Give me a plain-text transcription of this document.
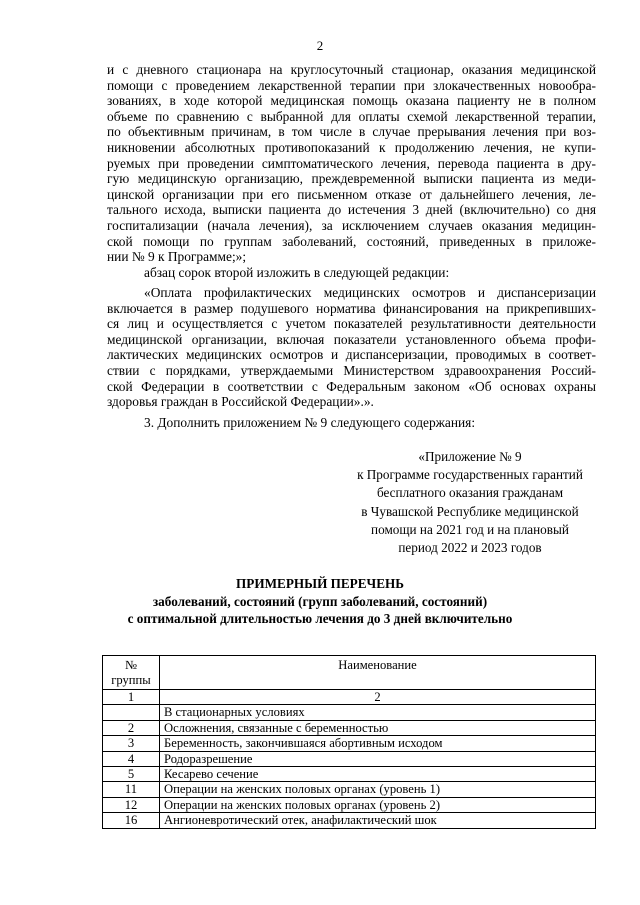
2
и с дневного стационара на круглосуточный стационар, оказания медицинской
помощи с проведением лекарственной терапии при злокачественных новообра-
зованиях, в ходе которой медицинская помощь оказана пациенту не в полном
объеме по сравнению с выбранной для оплаты схемой лекарственной терапии,
по объективным причинам, в том числе в случае прерывания лечения при воз-
никновении абсолютных противопоказаний к продолжению лечения, не купи-
руемых при проведении симптоматического лечения, перевода пациента в дру-
гую медицинскую организацию, преждевременной выписки пациента из меди-
цинской организации при его письменном отказе от дальнейшего лечения, ле-
тального исхода, выписки пациента до истечения 3 дней (включительно) со дня
госпитализации (начала лечения), за исключением случаев оказания медицин-
ской помощи по группам заболеваний, состояний, приведенных в приложе-
нии № 9 к Программе;»;
абзац сорок второй изложить в следующей редакции:
«Оплата профилактических медицинских осмотров и диспансеризации
включается в размер подушевого норматива финансирования на прикрепивших-
ся лиц и осуществляется с учетом показателей результативности деятельности
медицинской организации, включая показатели установленного объема профи-
лактических медицинских осмотров и диспансеризации, проводимых в соответ-
ствии с порядками, утверждаемыми Министерством здравоохранения Россий-
ской Федерации в соответствии с Федеральным законом «Об основах охраны
здоровья граждан в Российской Федерации».».
3. Дополнить приложением № 9 следующего содержания:
«Приложение № 9
к Программе государственных гарантий
бесплатного оказания гражданам
в Чувашской Республике медицинской
помощи на 2021 год и на плановый
период 2022 и 2023 годов
ПРИМЕРНЫЙ ПЕРЕЧЕНЬ
заболеваний, состояний (групп заболеваний, состояний)
с оптимальной длительностью лечения до 3 дней включительно
№
группы	Наименование
1	2
	В стационарных условиях
2	Осложнения, связанные с беременностью
3	Беременность, закончившаяся абортивным исходом
4	Родоразрешение
5	Кесарево сечение
11	Операции на женских половых органах (уровень 1)
12	Операции на женских половых органах (уровень 2)
16	Ангионевротический отек, анафилактический шок
